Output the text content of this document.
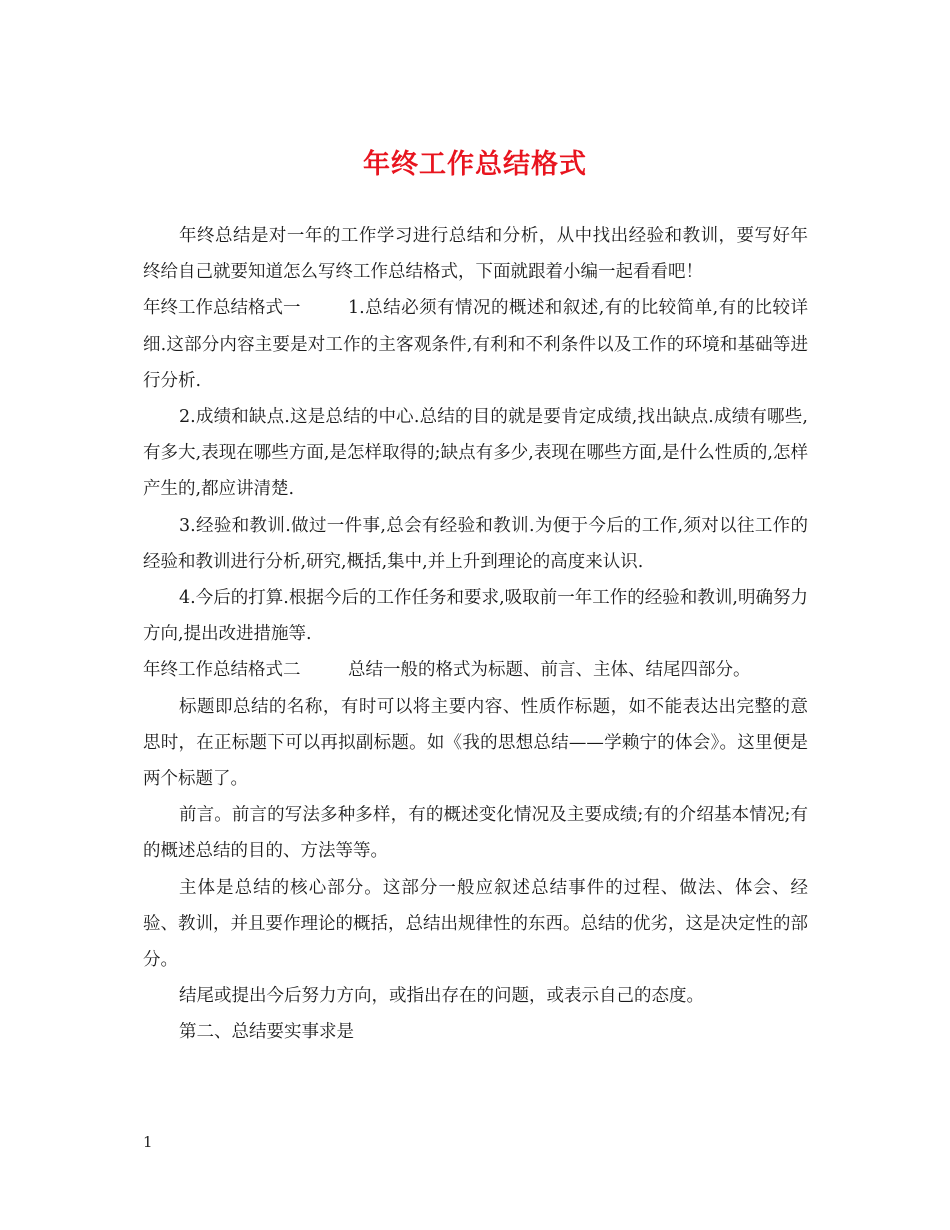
年终工作总结格式

年终总结是对一年的工作学习进行总结和分析，从中找出经验和教训，要写好年终给自己就要知道怎么写终工作总结格式，下面就跟着小编一起看看吧！

年终工作总结格式一	1.总结必须有情况的概述和叙述,有的比较简单,有的比较详细.这部分内容主要是对工作的主客观条件,有利和不利条件以及工作的环境和基础等进行分析.

2.成绩和缺点.这是总结的中心.总结的目的就是要肯定成绩,找出缺点.成绩有哪些,有多大,表现在哪些方面,是怎样取得的;缺点有多少,表现在哪些方面,是什么性质的,怎样产生的,都应讲清楚.

3.经验和教训.做过一件事,总会有经验和教训.为便于今后的工作,须对以往工作的经验和教训进行分析,研究,概括,集中,并上升到理论的高度来认识.

4.今后的打算.根据今后的工作任务和要求,吸取前一年工作的经验和教训,明确努力方向,提出改进措施等.

年终工作总结格式二	总结一般的格式为标题、前言、主体、结尾四部分。

标题即总结的名称，有时可以将主要内容、性质作标题，如不能表达出完整的意思时，在正标题下可以再拟副标题。如《我的思想总结——学赖宁的体会》。这里便是两个标题了。

前言。前言的写法多种多样，有的概述变化情况及主要成绩;有的介绍基本情况;有的概述总结的目的、方法等等。

主体是总结的核心部分。这部分一般应叙述总结事件的过程、做法、体会、经验、教训，并且要作理论的概括，总结出规律性的东西。总结的优劣，这是决定性的部分。

结尾或提出今后努力方向，或指出存在的问题，或表示自己的态度。

第二、总结要实事求是

1
